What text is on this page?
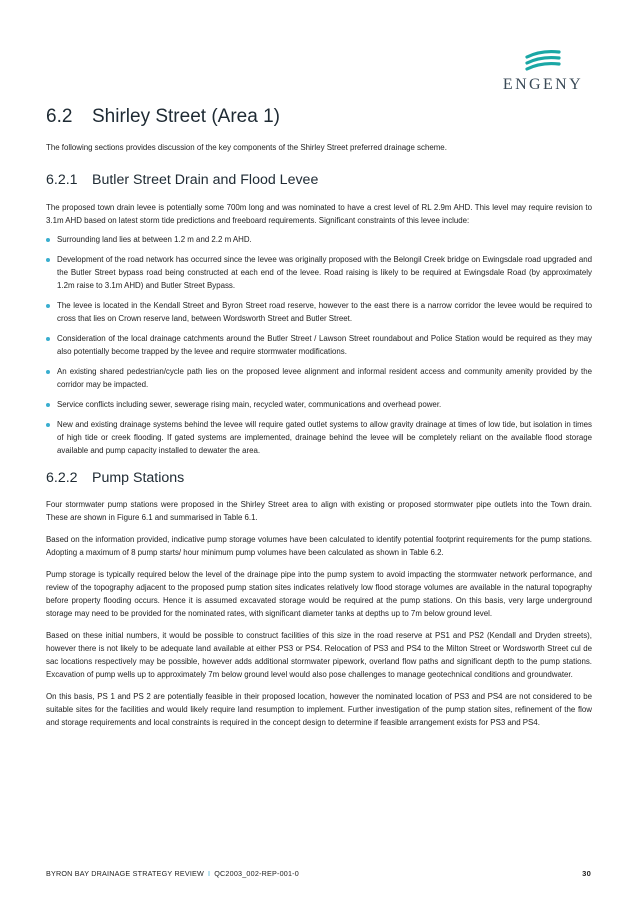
ENGENY
6.2	Shirley Street (Area 1)

The following sections provides discussion of the key components of the Shirley Street preferred drainage scheme.

6.2.1	Butler Street Drain and Flood Levee

The proposed town drain levee is potentially some 700m long and was nominated to have a crest level of RL 2.9m AHD. This level may require revision to 3.1m AHD based on latest storm tide predictions and freeboard requirements. Significant constraints of this levee include:

Surrounding land lies at between 1.2 m and 2.2 m AHD.
Development of the road network has occurred since the levee was originally proposed with the Belongil Creek bridge on Ewingsdale road upgraded and the Butler Street bypass road being constructed at each end of the levee. Road raising is likely to be required at Ewingsdale Road (by approximately 1.2m raise to 3.1m AHD) and Butler Street Bypass.
The levee is located in the Kendall Street and Byron Street road reserve, however to the east there is a narrow corridor the levee would be required to cross that lies on Crown reserve land, between Wordsworth Street and Butler Street.
Consideration of the local drainage catchments around the Butler Street / Lawson Street roundabout and Police Station would be required as they may also potentially become trapped by the levee and require stormwater modifications.
An existing shared pedestrian/cycle path lies on the proposed levee alignment and informal resident access and community amenity provided by the corridor may be impacted.
Service conflicts including sewer, sewerage rising main, recycled water, communications and overhead power.
New and existing drainage systems behind the levee will require gated outlet systems to allow gravity drainage at times of low tide, but isolation in times of high tide or creek flooding. If gated systems are implemented, drainage behind the levee will be completely reliant on the available flood storage available and pump capacity installed to dewater the area.
6.2.2	Pump Stations

Four stormwater pump stations were proposed in the Shirley Street area to align with existing or proposed stormwater pipe outlets into the Town drain. These are shown in Figure 6.1 and summarised in Table 6.1.

Based on the information provided, indicative pump storage volumes have been calculated to identify potential footprint requirements for the pump stations. Adopting a maximum of 8 pump starts/ hour minimum pump volumes have been calculated as shown in Table 6.2.

Pump storage is typically required below the level of the drainage pipe into the pump system to avoid impacting the stormwater network performance, and review of the topography adjacent to the proposed pump station sites indicates relatively low flood storage volumes are available in the natural topography before property flooding occurs. Hence it is assumed excavated storage would be required at the pump stations. On this basis, very large underground storage may need to be provided for the nominated rates, with significant diameter tanks at depths up to 7m below ground level.

Based on these initial numbers, it would be possible to construct facilities of this size in the road reserve at PS1 and PS2 (Kendall and Dryden streets), however there is not likely to be adequate land available at either PS3 or PS4. Relocation of PS3 and PS4 to the Milton Street or Wordsworth Street cul de sac locations respectively may be possible, however adds additional stormwater pipework, overland flow paths and significant depth to the pump stations. Excavation of pump wells up to approximately 7m below ground level would also pose challenges to manage geotechnical conditions and groundwater.

On this basis, PS 1 and PS 2 are potentially feasible in their proposed location, however the nominated location of PS3 and PS4 are not considered to be suitable sites for the facilities and would likely require land resumption to implement. Further investigation of the pump station sites, refinement of the flow and storage requirements and local constraints is required in the concept design to determine if feasible arrangement exists for PS3 and PS4.

BYRON BAY DRAINAGE STRATEGY REVIEW I QC2003_002-REP-001-0	30
